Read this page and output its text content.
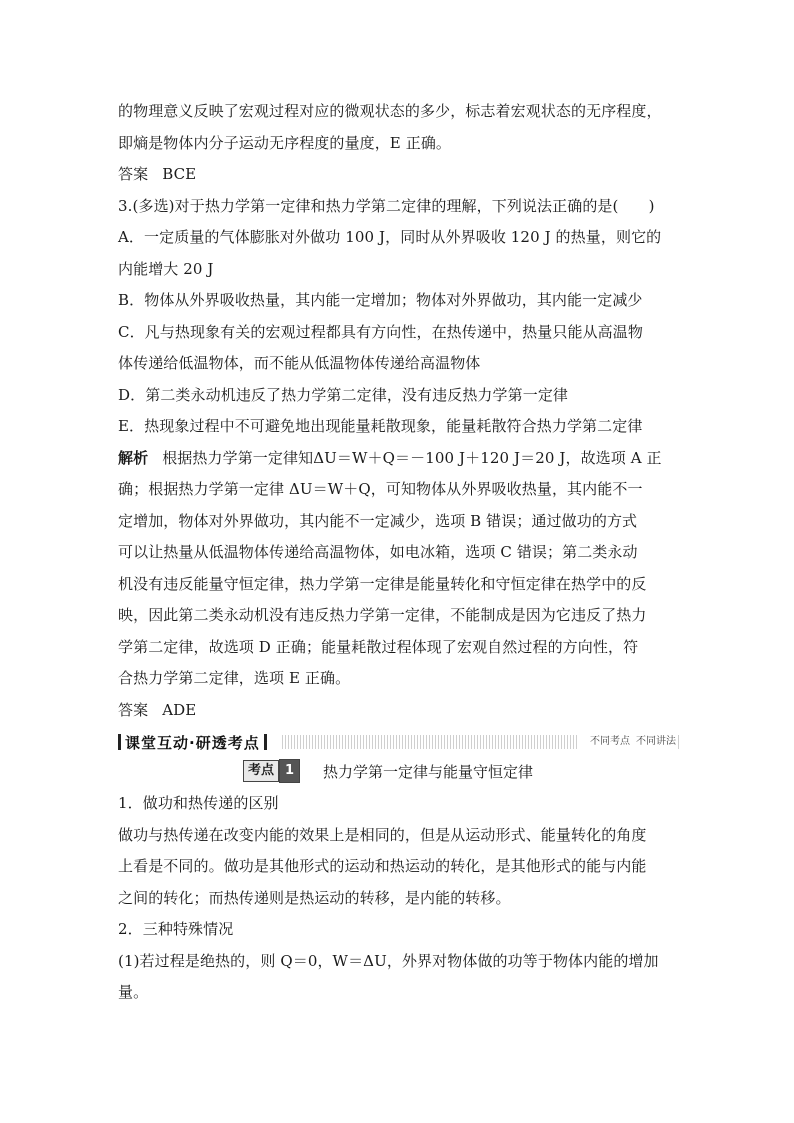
的物理意义反映了宏观过程对应的微观状态的多少，标志着宏观状态的无序程度，
即熵是物体内分子运动无序程度的量度，E 正确。
答案 BCE
3.(多选)对于热力学第一定律和热力学第二定律的理解，下列说法正确的是(　　)
A．一定质量的气体膨胀对外做功 100 J，同时从外界吸收 120 J 的热量，则它的
内能增大 20 J
B．物体从外界吸收热量，其内能一定增加；物体对外界做功，其内能一定减少
C．凡与热现象有关的宏观过程都具有方向性，在热传递中，热量只能从高温物
体传递给低温物体，而不能从低温物体传递给高温物体
D．第二类永动机违反了热力学第二定律，没有违反热力学第一定律
E．热现象过程中不可避免地出现能量耗散现象，能量耗散符合热力学第二定律
解析 根据热力学第一定律知ΔU＝W＋Q＝－100 J＋120 J＝20 J，故选项 A 正
确；根据热力学第一定律 ΔU＝W＋Q，可知物体从外界吸收热量，其内能不一
定增加，物体对外界做功，其内能不一定减少，选项 B 错误；通过做功的方式
可以让热量从低温物体传递给高温物体，如电冰箱，选项 C 错误；第二类永动
机没有违反能量守恒定律，热力学第一定律是能量转化和守恒定律在热学中的反
映，因此第二类永动机没有违反热力学第一定律，不能制成是因为它违反了热力
学第二定律，故选项 D 正确；能量耗散过程体现了宏观自然过程的方向性，符
合热力学第二定律，选项 E 正确。
答案 ADE
课堂互动·研透考点	不同考点 不同讲法
考点 1	热力学第一定律与能量守恒定律
1．做功和热传递的区别
做功与热传递在改变内能的效果上是相同的，但是从运动形式、能量转化的角度
上看是不同的。做功是其他形式的运动和热运动的转化，是其他形式的能与内能
之间的转化；而热传递则是热运动的转移，是内能的转移。
2．三种特殊情况
(1)若过程是绝热的，则 Q＝0，W＝ΔU，外界对物体做的功等于物体内能的增加
量。
